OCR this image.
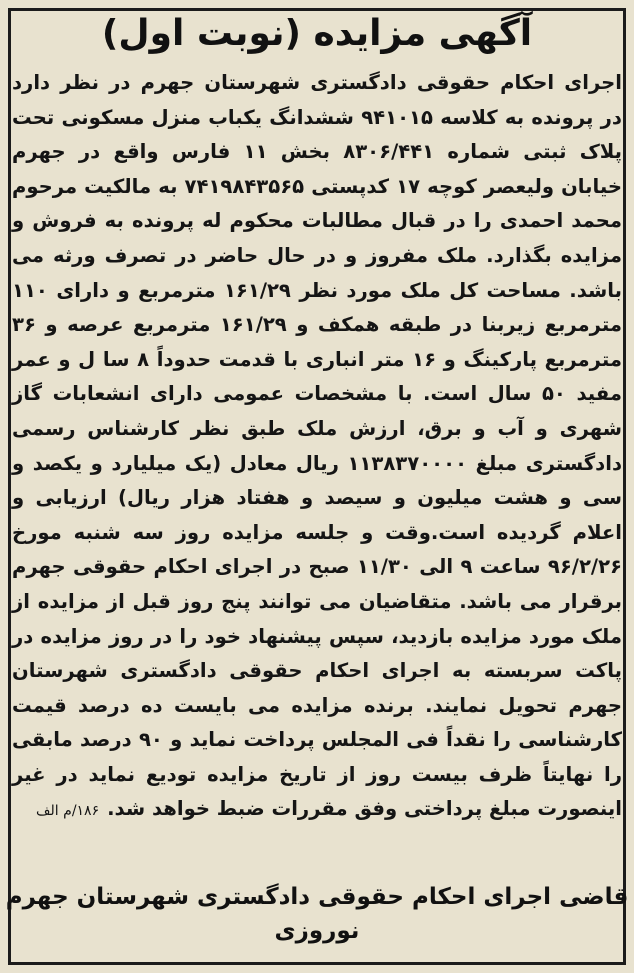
آگهی مزایده (نوبت اول)
اجرای احکام حقوقی دادگستری شهرستان جهرم در نظر دارد در پرونده به کلاسه ۹۴۱۰۱۵ ششدانگ یکباب منزل مسکونی تحت پلاک ثبتی شماره ۸۳۰۶/۴۴۱ بخش ۱۱ فارس واقع در جهرم خیابان ولیعصر کوچه ۱۷ کدپستی ۷۴۱۹۸۴۳۵۶۵ به مالکیت مرحوم محمد احمدی را در قبال مطالبات محکوم له پرونده به فروش و مزایده بگذارد. ملک مفروز و در حال حاضر در تصرف ورثه می باشد. مساحت کل ملک مورد نظر ۱۶۱/۲۹ مترمربع و دارای ۱۱۰ مترمربع زیربنا در طبقه همکف و ۱۶۱/۲۹ مترمربع عرصه و ۳۶ مترمربع پارکینگ و ۱۶ متر انباری با قدمت حدوداً ۸ سا ل و عمر مفید ۵۰ سال است. با مشخصات عمومی دارای انشعابات گاز شهری و آب و برق، ارزش ملک طبق نظر کارشناس رسمی دادگستری مبلغ ۱۱۳۸۳۷۰۰۰۰ ریال معادل (یک میلیارد و یکصد و سی و هشت میلیون و سیصد و هفتاد هزار ریال) ارزیابی و اعلام گردیده است.وقت و جلسه مزایده روز سه شنبه مورخ ۹۶/۲/۲۶ ساعت ۹ الی ۱۱/۳۰ صبح در اجرای احکام حقوقی جهرم برقرار می باشد. متقاضیان می توانند پنج روز قبل از مزایده از ملک مورد مزایده بازدید، سپس پیشنهاد خود را در روز مزایده در پاکت سربسته به اجرای احکام حقوقی دادگستری شهرستان جهرم تحویل نمایند. برنده مزایده می بایست ده درصد قیمت کارشناسی را نقداً فی المجلس پرداخت نماید و ۹۰ درصد مابقی را نهایتاً ظرف بیست روز از تاریخ مزایده تودیع نماید در غیر اینصورت مبلغ پرداختی وفق مقررات ضبط خواهد شد.۱۸۶/م الف
قاضی اجرای احکام حقوقی دادگستری شهرستان جهرم
نوروزی
